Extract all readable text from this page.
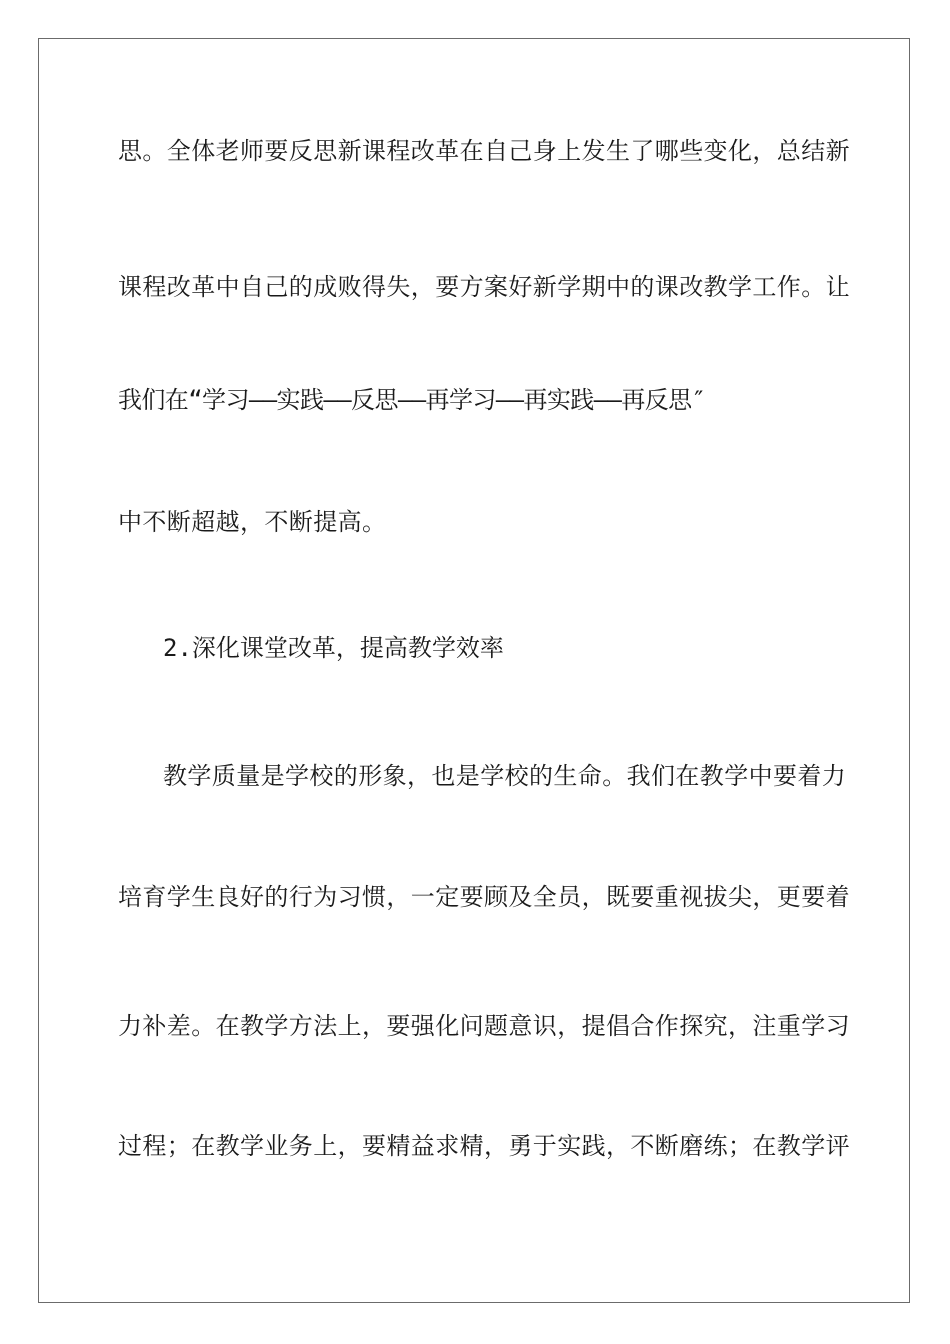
思。全体老师要反思新课程改革在自己身上发生了哪些变化，总结新
课程改革中自己的成败得失，要方案好新学期中的课改教学工作。让
我们在“学习——实践——反思——再学习——再实践——再反思″
中不断超越，不断提高。
2.深化课堂改革，提高教学效率
教学质量是学校的形象，也是学校的生命。我们在教学中要着力
培育学生良好的行为习惯，一定要顾及全员，既要重视拔尖，更要着
力补差。在教学方法上，要强化问题意识，提倡合作探究，注重学习
过程；在教学业务上，要精益求精，勇于实践，不断磨练；在教学评
